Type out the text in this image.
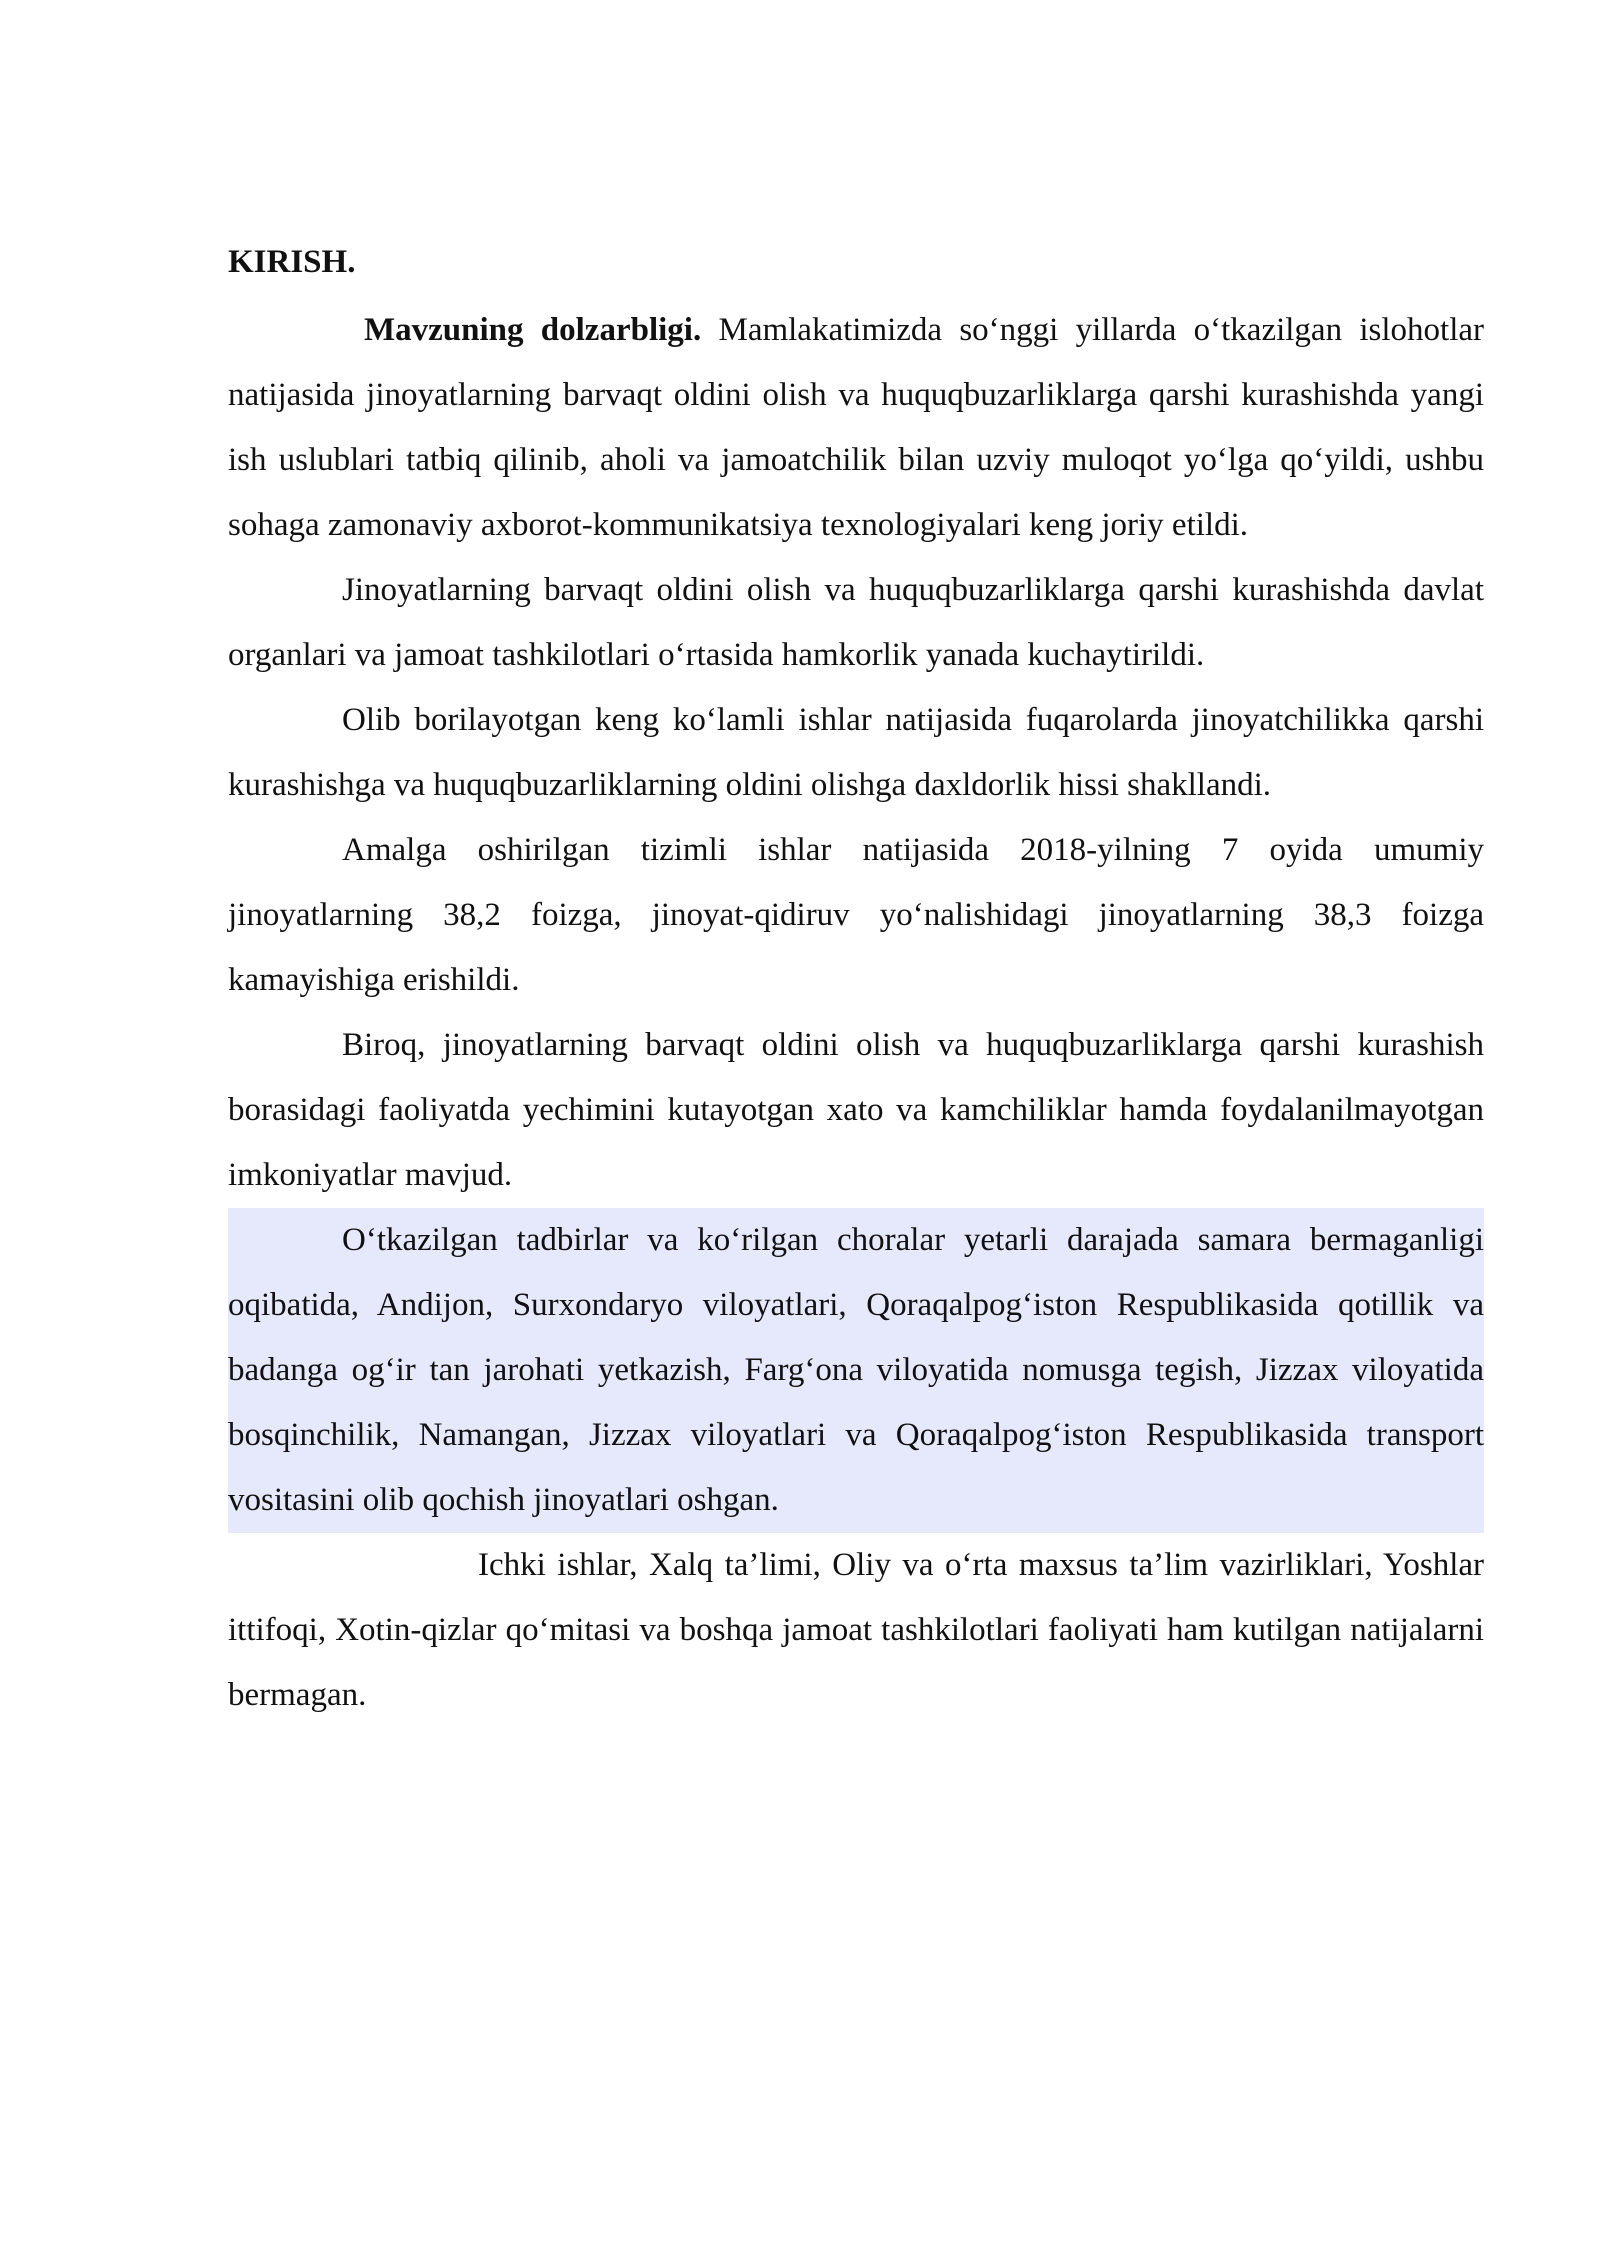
KIRISH.

Mavzuning dolzarbligi. Mamlakatimizda so‘nggi yillarda o‘tkazilgan islohotlar natijasida jinoyatlarning barvaqt oldini olish va huquqbuzarliklarga qarshi kurashishda yangi ish uslublari tatbiq qilinib, aholi va jamoatchilik bilan uzviy muloqot yo‘lga qo‘yildi, ushbu sohaga zamonaviy axborot-kommunikatsiya texnologiyalari keng joriy etildi.

Jinoyatlarning barvaqt oldini olish va huquqbuzarliklarga qarshi kurashishda davlat organlari va jamoat tashkilotlari o‘rtasida hamkorlik yanada kuchaytirildi.

Olib borilayotgan keng ko‘lamli ishlar natijasida fuqarolarda jinoyatchilikka qarshi kurashishga va huquqbuzarliklarning oldini olishga daxldorlik hissi shakllandi.

Amalga oshirilgan tizimli ishlar natijasida 2018-yilning 7 oyida umumiy jinoyatlarning 38,2 foizga, jinoyat-qidiruv yo‘nalishidagi jinoyatlarning 38,3 foizga kamayishiga erishildi.

Biroq, jinoyatlarning barvaqt oldini olish va huquqbuzarliklarga qarshi kurashish borasidagi faoliyatda yechimini kutayotgan xato va kamchiliklar hamda foydalanilmayotgan imkoniyatlar mavjud.

O‘tkazilgan tadbirlar va ko‘rilgan choralar yetarli darajada samara bermaganligi oqibatida, Andijon, Surxondaryo viloyatlari, Qoraqalpog‘iston Respublikasida qotillik va badanga og‘ir tan jarohati yetkazish, Farg‘ona viloyatida nomusga tegish, Jizzax viloyatida bosqinchilik, Namangan, Jizzax viloyatlari va Qoraqalpog‘iston Respublikasida transport vositasini olib qochish jinoyatlari oshgan.

Ichki ishlar, Xalq ta’limi, Oliy va o‘rta maxsus ta’lim vazirliklari, Yoshlar ittifoqi, Xotin-qizlar qo‘mitasi va boshqa jamoat tashkilotlari faoliyati ham kutilgan natijalarni bermagan.
